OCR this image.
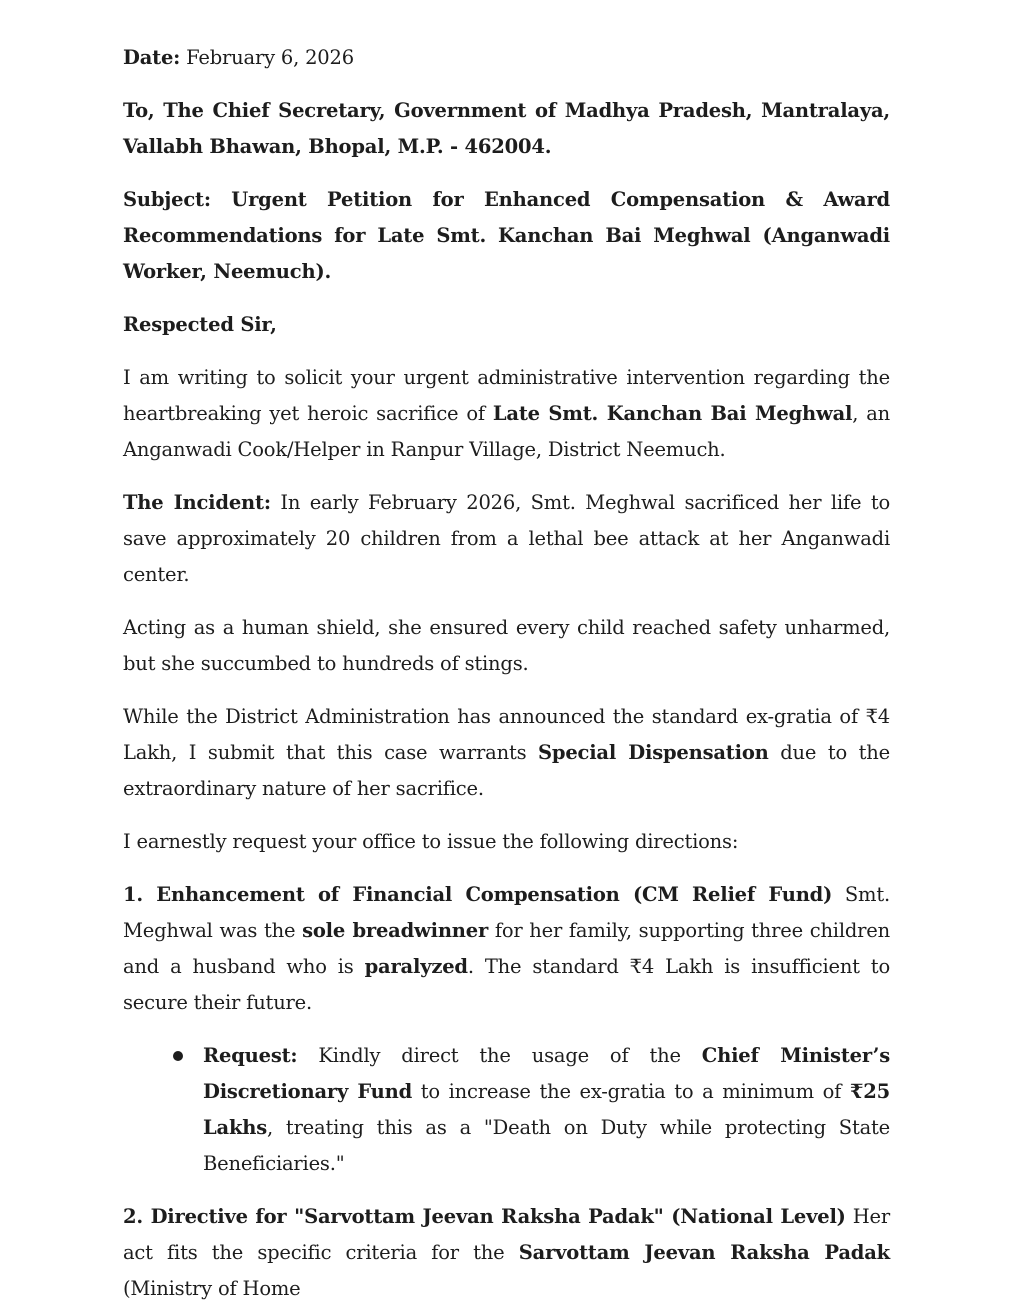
Date: February 6, 2026

To, The Chief Secretary, Government of Madhya Pradesh, Mantralaya, Vallabh Bhawan, Bhopal, M.P. - 462004.

Subject: Urgent Petition for Enhanced Compensation & Award Recommendations for Late Smt. Kanchan Bai Meghwal (Anganwadi Worker, Neemuch).

Respected Sir,

I am writing to solicit your urgent administrative intervention regarding the heartbreaking yet heroic sacrifice of Late Smt. Kanchan Bai Meghwal, an Anganwadi Cook/Helper in Ranpur Village, District Neemuch.

The Incident: In early February 2026, Smt. Meghwal sacrificed her life to save approximately 20 children from a lethal bee attack at her Anganwadi center.

Acting as a human shield, she ensured every child reached safety unharmed, but she succumbed to hundreds of stings.

While the District Administration has announced the standard ex-gratia of ₹4 Lakh, I submit that this case warrants Special Dispensation due to the extraordinary nature of her sacrifice.

I earnestly request your office to issue the following directions:

1. Enhancement of Financial Compensation (CM Relief Fund) Smt. Meghwal was the sole breadwinner for her family, supporting three children and a husband who is paralyzed. The standard ₹4 Lakh is insufficient to secure their future.

Request: Kindly direct the usage of the Chief Minister’s Discretionary Fund to increase the ex-gratia to a minimum of ₹25 Lakhs, treating this as a "Death on Duty while protecting State Beneficiaries."

2. Directive for "Sarvottam Jeevan Raksha Padak" (National Level) Her act fits the specific criteria for the Sarvottam Jeevan Raksha Padak (Ministry of Home
